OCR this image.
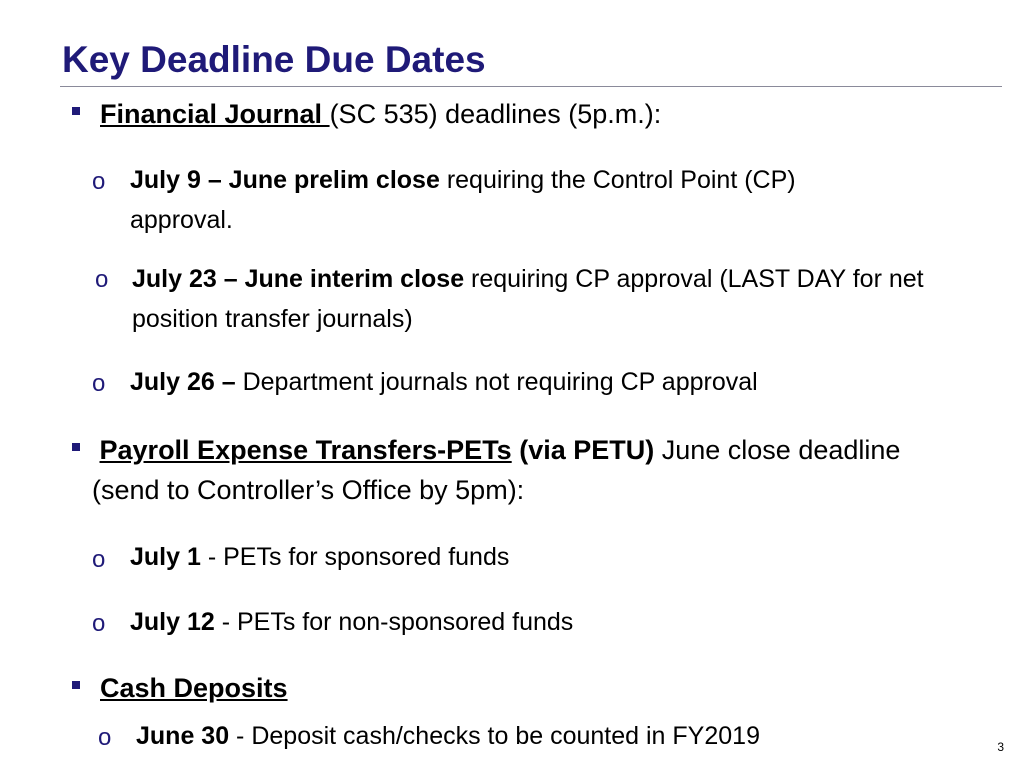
Key Deadline Due Dates
Financial Journal (SC 535) deadlines (5p.m.):
o July 9 – June prelim close requiring the Control Point (CP)
approval.
o July 23 – June interim close requiring CP approval (LAST DAY for net
position transfer journals)
o July 26 – Department journals not requiring CP approval
Payroll Expense Transfers-PETs (via PETU) June close deadline
(send to Controller’s Office by 5pm):
o July 1 - PETs for sponsored funds
o July 12 - PETs for non-sponsored funds
Cash Deposits
o June 30 - Deposit cash/checks to be counted in FY2019	3
